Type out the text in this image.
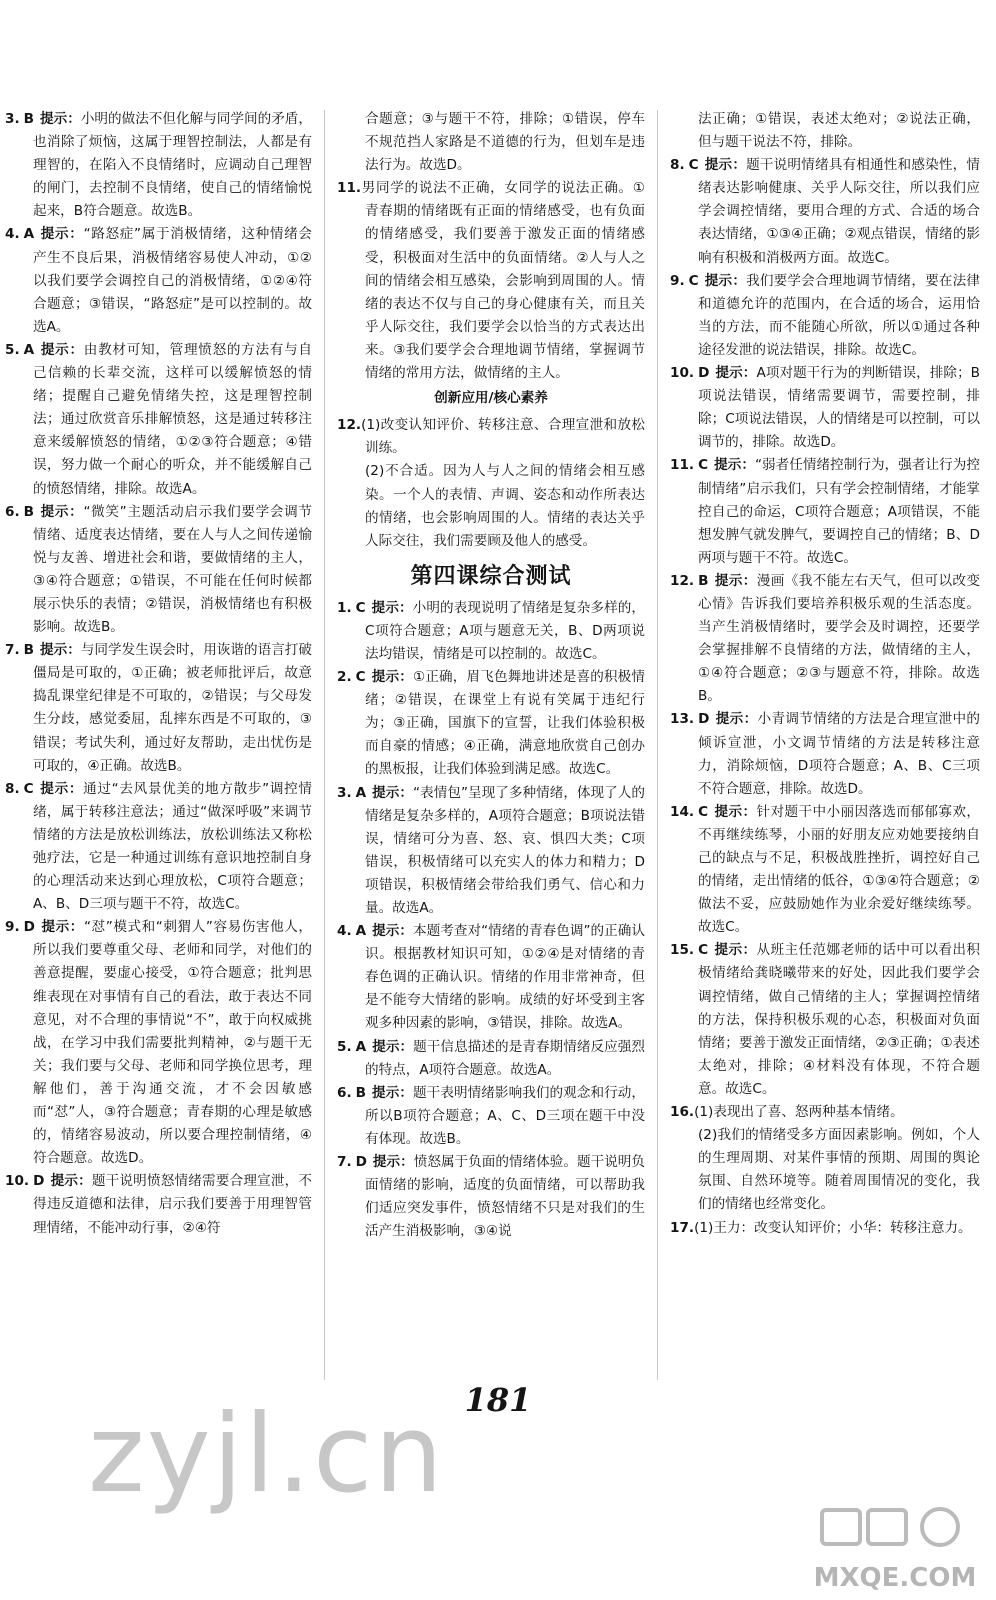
3. B 提示：小明的做法不但化解与同学间的矛盾，也消除了烦恼，这属于理智控制法，人都是有理智的，在陷入不良情绪时，应调动自己理智的闸门，去控制不良情绪，使自己的情绪愉悦起来，B符合题意。故选B。

4. A 提示：“路怒症”属于消极情绪，这种情绪会产生不良后果，消极情绪容易使人冲动，①②以我们要学会调控自己的消极情绪，①②④符合题意；③错误，“路怒症”是可以控制的。故选A。

5. A 提示：由教材可知，管理愤怒的方法有与自己信赖的长辈交流，这样可以缓解愤怒的情绪；提醒自己避免情绪失控，这是理智控制法；通过欣赏音乐排解愤怒，这是通过转移注意来缓解愤怒的情绪，①②③符合题意；④错误，努力做一个耐心的听众，并不能缓解自己的愤怒情绪，排除。故选A。

6. B 提示：“微笑”主题活动启示我们要学会调节情绪、适度表达情绪，要在人与人之间传递愉悦与友善、增进社会和谐，要做情绪的主人，③④符合题意；①错误，不可能在任何时候都展示快乐的表情；②错误，消极情绪也有积极影响。故选B。

7. B 提示：与同学发生误会时，用诙谐的语言打破僵局是可取的，①正确；被老师批评后，故意捣乱课堂纪律是不可取的，②错误；与父母发生分歧，感觉委屈，乱摔东西是不可取的，③错误；考试失利，通过好友帮助，走出忧伤是可取的，④正确。故选B。

8. C 提示：通过“去风景优美的地方散步”调控情绪，属于转移注意法；通过“做深呼吸”来调节情绪的方法是放松训练法，放松训练法又称松弛疗法，它是一种通过训练有意识地控制自身的心理活动来达到心理放松，C项符合题意；A、B、D三项与题干不符，故选C。

9. D 提示：“怼”模式和“刺猬人”容易伤害他人，所以我们要尊重父母、老师和同学，对他们的善意提醒，要虚心接受，①符合题意；批判思维表现在对事情有自己的看法，敢于表达不同意见，对不合理的事情说“不”，敢于向权威挑战，在学习中我们需要批判精神，②与题干无关；我们要与父母、老师和同学换位思考，理解他们，善于沟通交流，才不会因敏感而“怼”人，③符合题意；青春期的心理是敏感的，情绪容易波动，所以要合理控制情绪，④符合题意。故选D。

10. D 提示：题干说明愤怒情绪需要合理宣泄，不得违反道德和法律，启示我们要善于用理智管理情绪，不能冲动行事，②④符

合题意；③与题干不符，排除；①错误，停车不规范挡人家路是不道德的行为，但划车是违法行为。故选D。

11.男同学的说法不正确，女同学的说法正确。①青春期的情绪既有正面的情绪感受，也有负面的情绪感受，我们要善于激发正面的情绪感受，积极面对生活中的负面情绪。②人与人之间的情绪会相互感染，会影响到周围的人。情绪的表达不仅与自己的身心健康有关，而且关乎人际交往，我们要学会以恰当的方式表达出来。③我们要学会合理地调节情绪，掌握调节情绪的常用方法，做情绪的主人。

创新应用/核心素养

12.(1)改变认知评价、转移注意、合理宣泄和放松训练。

(2)不合适。因为人与人之间的情绪会相互感染。一个人的表情、声调、姿态和动作所表达的情绪，也会影响周围的人。情绪的表达关乎人际交往，我们需要顾及他人的感受。

第四课综合测试

1. C 提示：小明的表现说明了情绪是复杂多样的，C项符合题意；A项与题意无关，B、D两项说法均错误，情绪是可以控制的。故选C。

2. C 提示：①正确，眉飞色舞地讲述是喜的积极情绪；②错误，在课堂上有说有笑属于违纪行为；③正确，国旗下的宣誓，让我们体验积极而自豪的情感；④正确，满意地欣赏自己创办的黑板报，让我们体验到满足感。故选C。

3. A 提示：“表情包”呈现了多种情绪，体现了人的情绪是复杂多样的，A项符合题意；B项说法错误，情绪可分为喜、怒、哀、惧四大类；C项错误，积极情绪可以充实人的体力和精力；D项错误，积极情绪会带给我们勇气、信心和力量。故选A。

4. A 提示：本题考查对“情绪的青春色调”的正确认识。根据教材知识可知，①②④是对情绪的青春色调的正确认识。情绪的作用非常神奇，但是不能夸大情绪的影响。成绩的好坏受到主客观多种因素的影响，③错误，排除。故选A。

5. A 提示：题干信息描述的是青春期情绪反应强烈的特点，A项符合题意。故选A。

6. B 提示：题干表明情绪影响我们的观念和行动，所以B项符合题意；A、C、D三项在题干中没有体现。故选B。

7. D 提示：愤怒属于负面的情绪体验。题干说明负面情绪的影响，适度的负面情绪，可以帮助我们适应突发事件，愤怒情绪不只是对我们的生活产生消极影响，③④说

法正确；①错误，表述太绝对；②说法正确，但与题干说法不符，排除。

8. C 提示：题干说明情绪具有相通性和感染性，情绪表达影响健康、关乎人际交往，所以我们应学会调控情绪，要用合理的方式、合适的场合表达情绪，①③④正确；②观点错误，情绪的影响有积极和消极两方面。故选C。

9. C 提示：我们要学会合理地调节情绪，要在法律和道德允许的范围内，在合适的场合，运用恰当的方法，而不能随心所欲，所以①通过各种途径发泄的说法错误，排除。故选C。

10. D 提示：A项对题干行为的判断错误，排除；B项说法错误，情绪需要调节，需要控制，排除；C项说法错误，人的情绪是可以控制，可以调节的，排除。故选D。

11. C 提示：“弱者任情绪控制行为，强者让行为控制情绪”启示我们，只有学会控制情绪，才能掌控自己的命运，C项符合题意；A项错误，不能想发脾气就发脾气，要调控自己的情绪；B、D两项与题干不符。故选C。

12. B 提示：漫画《我不能左右天气，但可以改变心情》告诉我们要培养积极乐观的生活态度。当产生消极情绪时，要学会及时调控，还要学会掌握排解不良情绪的方法，做情绪的主人，①④符合题意；②③与题意不符，排除。故选B。

13. D 提示：小青调节情绪的方法是合理宣泄中的倾诉宣泄，小文调节情绪的方法是转移注意力，消除烦恼，D项符合题意；A、B、C三项不符合题意，排除。故选D。

14. C 提示：针对题干中小丽因落选而郁郁寡欢，不再继续练琴，小丽的好朋友应劝她要接纳自己的缺点与不足，积极战胜挫折，调控好自己的情绪，走出情绪的低谷，①③④符合题意；②做法不妥，应鼓励她作为业余爱好继续练琴。故选C。

15. C 提示：从班主任范娜老师的话中可以看出积极情绪给龚晓曦带来的好处，因此我们要学会调控情绪，做自己情绪的主人；掌握调控情绪的方法，保持积极乐观的心态，积极面对负面情绪；要善于激发正面情绪，②③正确；①表述太绝对，排除；④材料没有体现，不符合题意。故选C。

16.(1)表现出了喜、怒两种基本情绪。

(2)我们的情绪受多方面因素影响。例如，个人的生理周期、对某件事情的预期、周围的舆论氛围、自然环境等。随着周围情况的变化，我们的情绪也经常变化。

17.(1)王力：改变认知评价；小华：转移注意力。

181
zyjl.cn
MXQE.COM
